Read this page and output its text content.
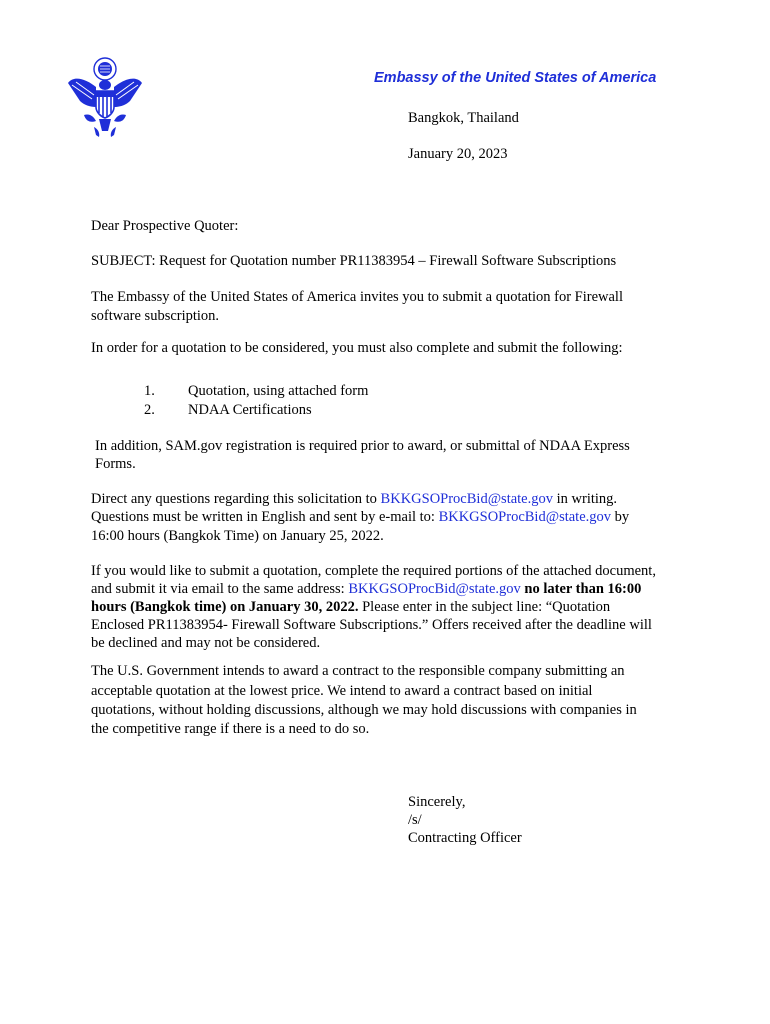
Embassy of the United States of America
Bangkok, Thailand
January 20, 2023
Dear Prospective Quoter:
SUBJECT: Request for Quotation number PR11383954 – Firewall Software Subscriptions
The Embassy of the United States of America invites you to submit a quotation for Firewall
software subscription.
In order for a quotation to be considered, you must also complete and submit the following:
1. Quotation, using attached form
2. NDAA Certifications
In addition, SAM.gov registration is required prior to award, or submittal of NDAA Express
Forms.
Direct any questions regarding this solicitation to BKKGSOProcBid@state.gov in writing.
Questions must be written in English and sent by e-mail to: BKKGSOProcBid@state.gov by
16:00 hours (Bangkok Time) on January 25, 2022.
If you would like to submit a quotation, complete the required portions of the attached document,
and submit it via email to the same address: BKKGSOProcBid@state.gov no later than 16:00
hours (Bangkok time) on January 30, 2022. Please enter in the subject line: “Quotation
Enclosed PR11383954- Firewall Software Subscriptions.” Offers received after the deadline will
be declined and may not be considered.
The U.S. Government intends to award a contract to the responsible company submitting an
acceptable quotation at the lowest price. We intend to award a contract based on initial
quotations, without holding discussions, although we may hold discussions with companies in
the competitive range if there is a need to do so.
Sincerely,
/s/
Contracting Officer
